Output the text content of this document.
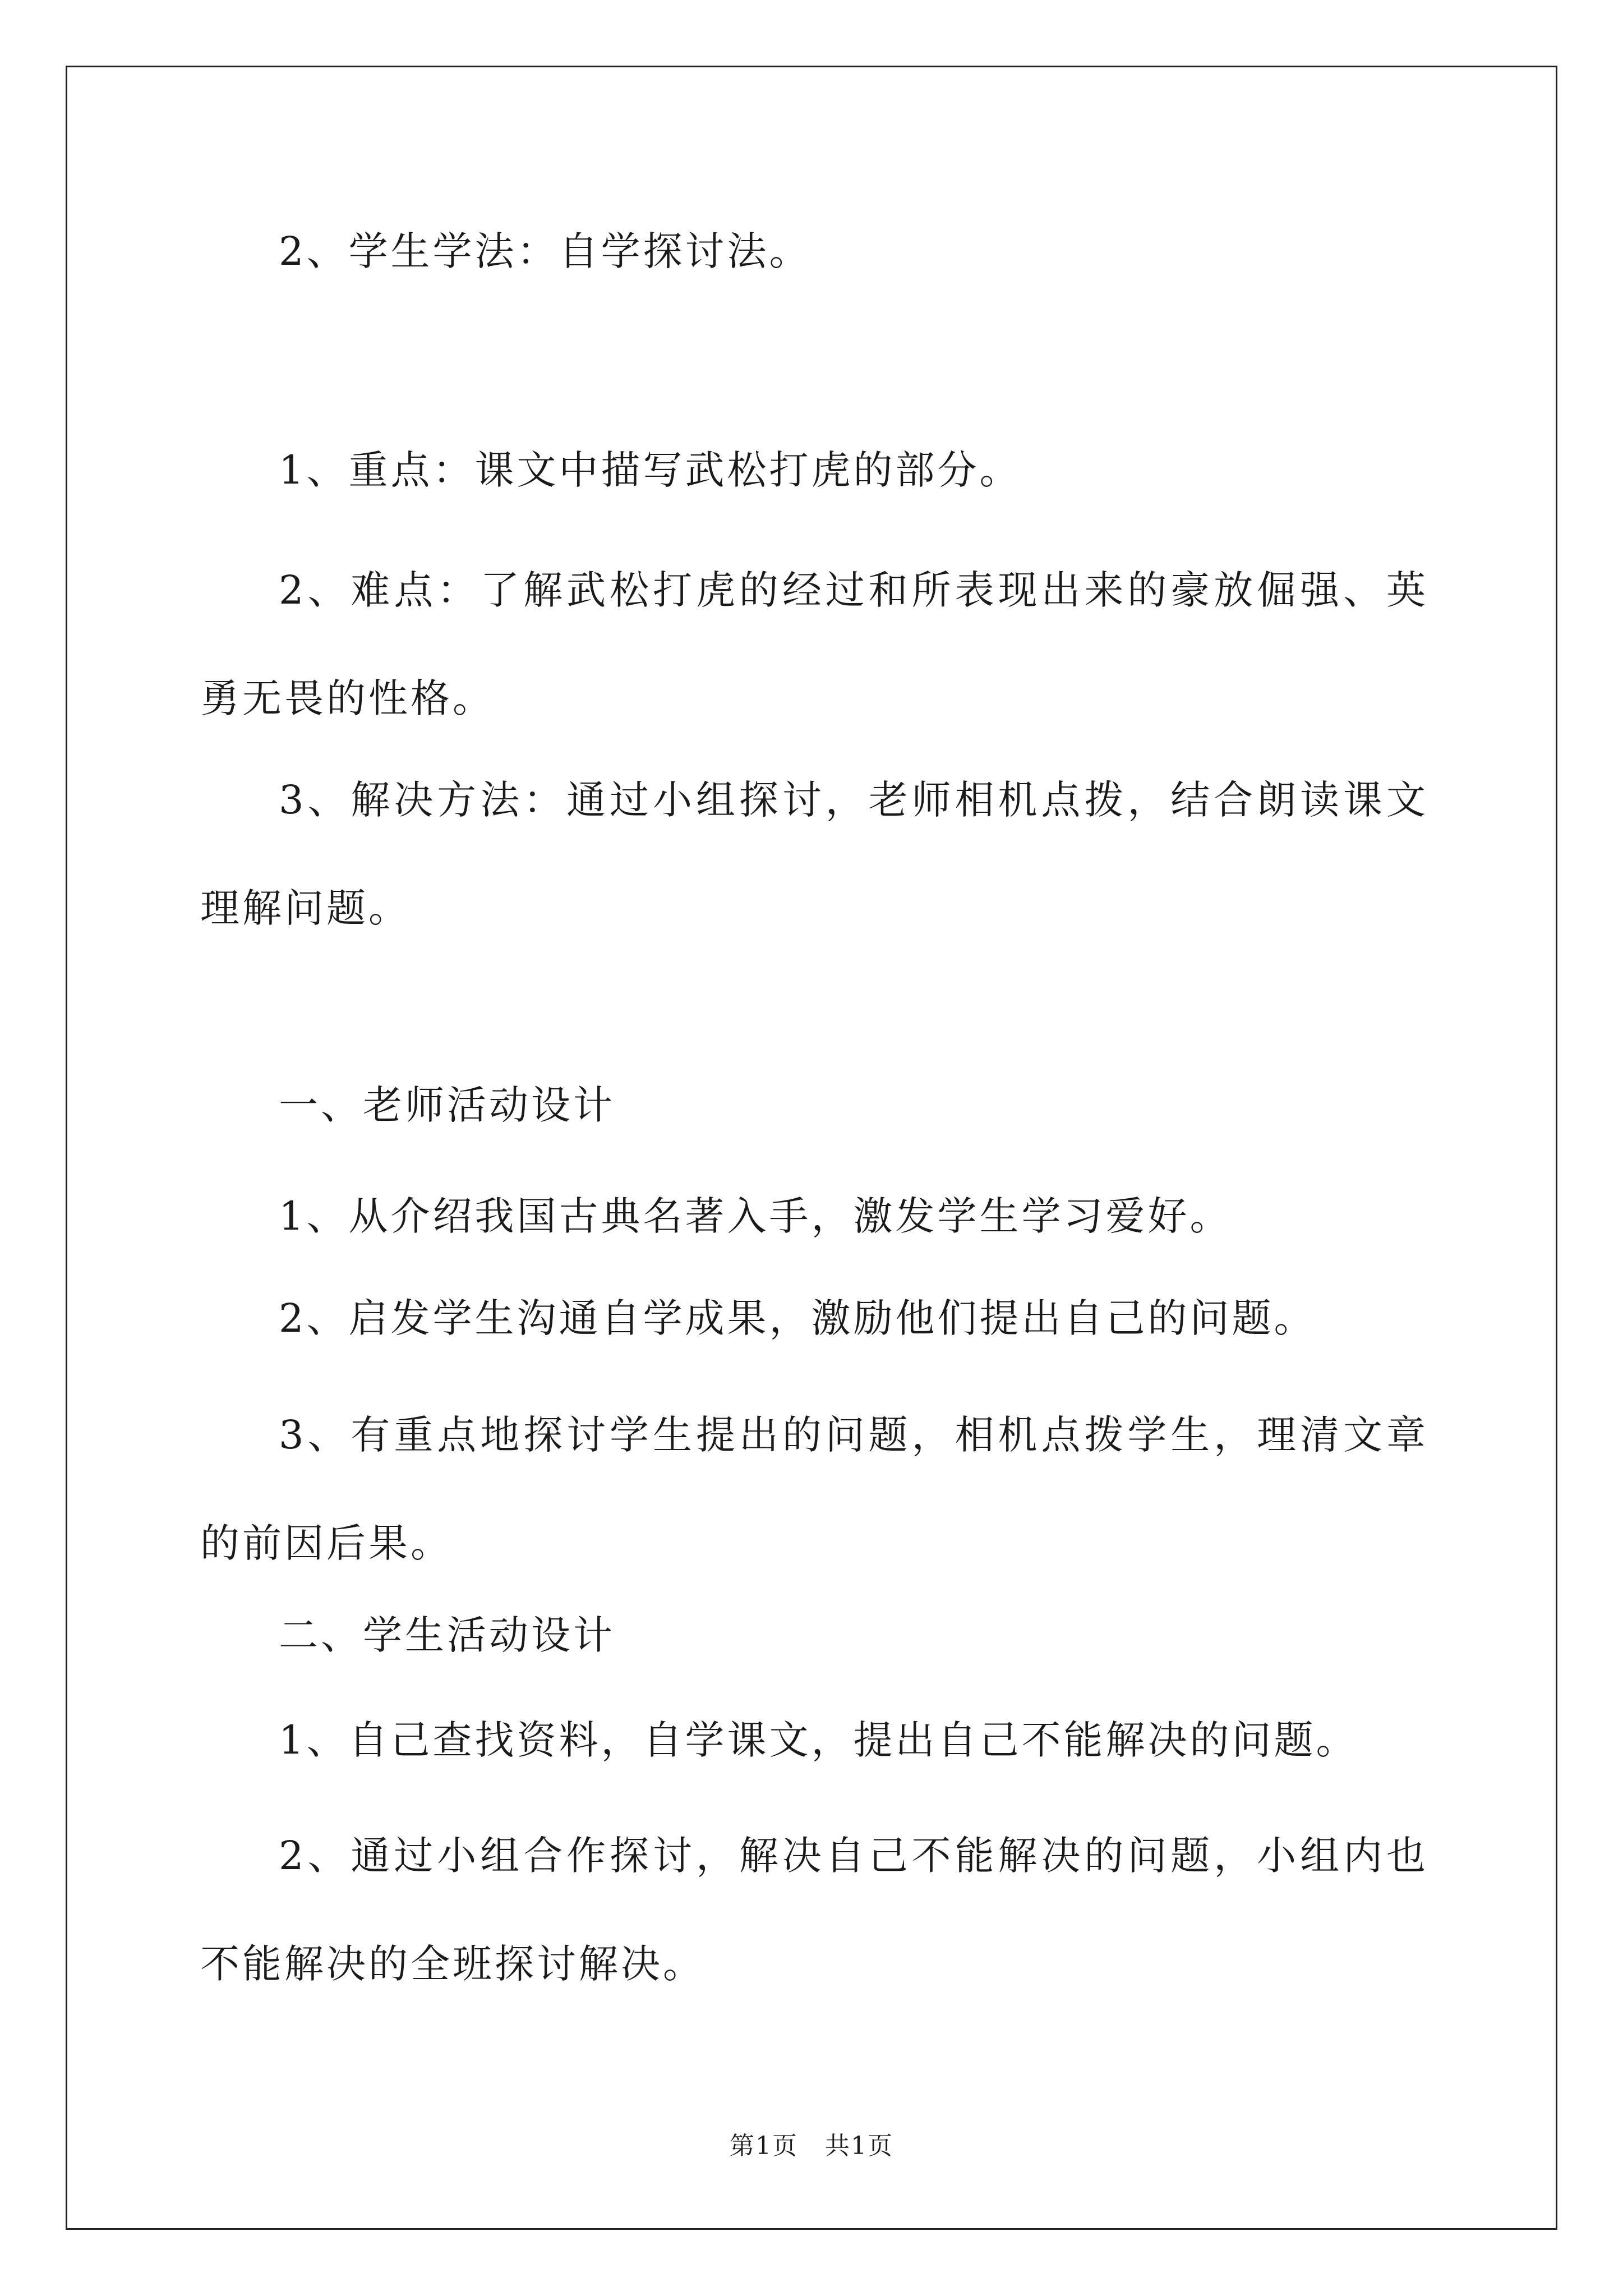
2、学生学法：自学探讨法。

1、重点：课文中描写武松打虎的部分。

2、难点：了解武松打虎的经过和所表现出来的豪放倔强、英勇无畏的性格。
3、解决方法：通过小组探讨，老师相机点拨，结合朗读课文理解问题。

一、老师活动设计

1、从介绍我国古典名著入手，激发学生学习爱好。

2、启发学生沟通自学成果，激励他们提出自己的问题。

3、有重点地探讨学生提出的问题，相机点拨学生，理清文章的前因后果。

二、学生活动设计

1、自己查找资料，自学课文，提出自己不能解决的问题。

2、通过小组合作探讨，解决自己不能解决的问题，小组内也不能解决的全班探讨解决。
第1页   共1页
